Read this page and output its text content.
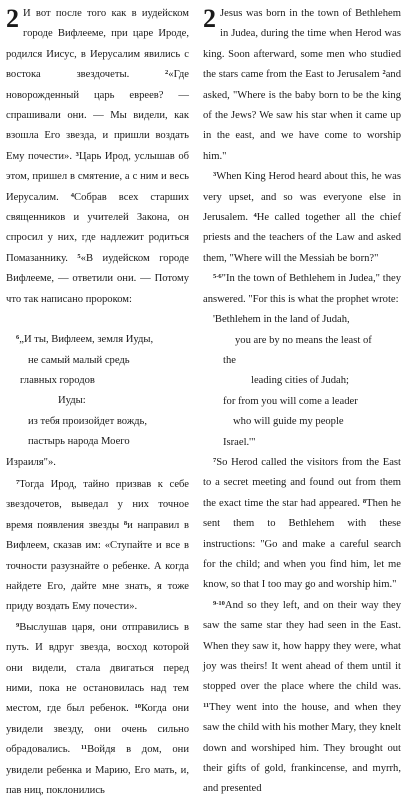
2 И вот после того как в иудейском городе Вифлееме, при царе Ироде, родился Иисус, в Иерусалим явились с востока звездочеты.	$^2$«Где новорожденный царь евреев? — спрашивали они. — Мы видели, как взошла Его звезда, и пришли воздать Ему почести». $^3$Царь Ирод, услышав об этом, пришел в смятение, а с ним и весь Иерусалим. $^4$Собрав всех старших священников и учителей Закона, он спросил у них, где надлежит родиться Помазаннику. $^5$«В иудейском городе Вифлееме, — ответили они. — Потому что так написано пророком:

$^6$„И ты, Вифлеем, земля Иуды,
не самый малый средь
главных городов
Иуды:
из тебя произойдет вождь,
пастырь народа Моего
Израиля"».

$^7$Тогда Ирод, тайно призвав к себе звездочетов, выведал у них точное время появления звезды $^8$и направил в Вифлеем, сказав им: «Ступайте и все в точности разузнайте о ребенке. А когда найдете Его, дайте мне знать, я тоже приду воздать Ему почести».

$^9$Выслушав царя, они отправились в путь. И вдруг звезда, восход которой они видели, стала двигаться перед ними, пока не остановилась над тем местом, где был ребенок. $^{10}$Когда они увидели звезду, они очень сильно обрадовались. $^{11}$Войдя в дом, они увидели ребенка и Марию, Его мать, и, пав ниц, поклонились

2 Jesus was born in the town of Bethlehem in Judea, during the time when Herod was king. Soon afterward, some men who studied the stars came from the East to Jerusalem $^2$and asked, "Where is the baby born to be the king of the Jews? We saw his star when it came up in the east, and we have come to worship him."

$^3$When King Herod heard about this, he was very upset, and so was everyone else in Jerusalem. $^4$He called together all the chief priests and the teachers of the Law and asked them, "Where will the Messiah be born?"

$^{5-6}$"In the town of Bethlehem in Judea," they answered. "For this is what the prophet wrote:

'Bethlehem in the land of Judah,
you are by no means the least of
the
leading cities of Judah;
for from you will come a leader
who will guide my people
Israel.'"

$^7$So Herod called the visitors from the East to a secret meeting and found out from them the exact time the star had appeared. $^8$Then he sent them to Bethlehem with these instructions: "Go and make a careful search for the child; and when you find him, let me know, so that I too may go and worship him."

$^{9-10}$And so they left, and on their way they saw the same star they had seen in the East. When they saw it, how happy they were, what joy was theirs! It went ahead of them until it stopped over the place where the child was. $^{11}$They went into the house, and when they saw the child with his mother Mary, they knelt down and worshiped him. They brought out their gifts of gold, frankincense, and myrrh, and presented
